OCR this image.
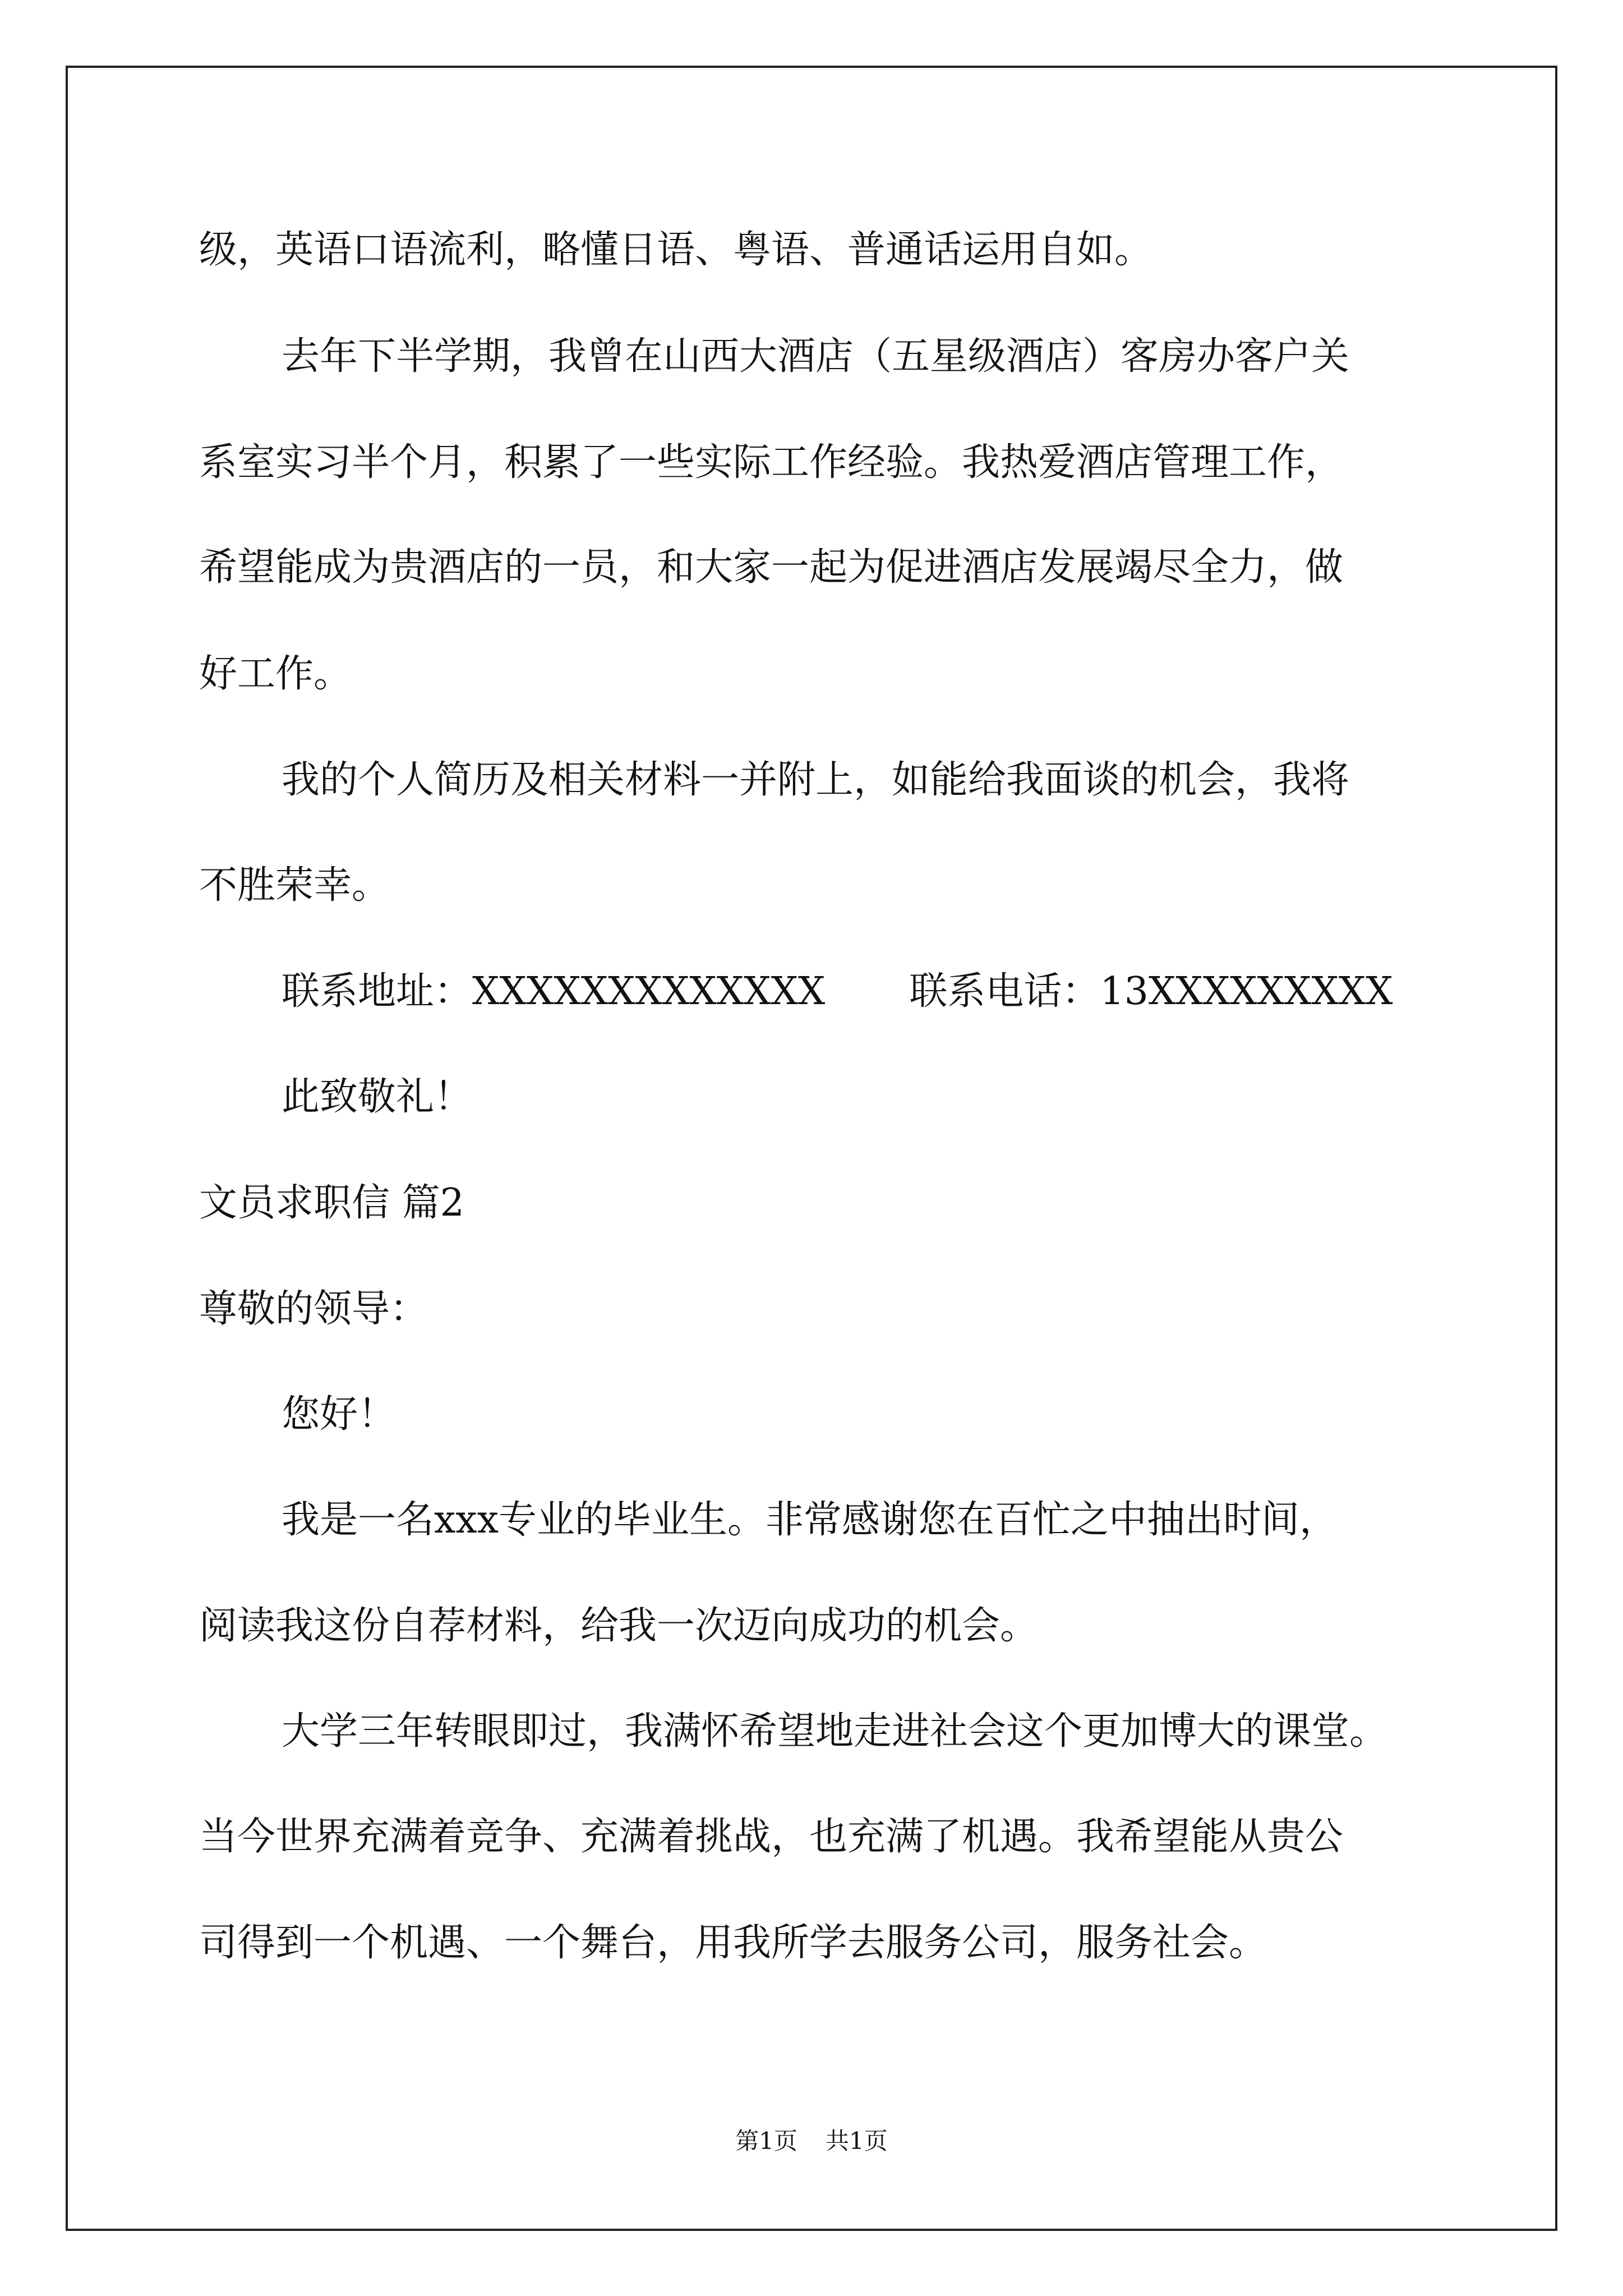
级，英语口语流利，略懂日语、粤语、普通话运用自如。
去年下半学期，我曾在山西大酒店（五星级酒店）客房办客户关
系室实习半个月，积累了一些实际工作经验。我热爱酒店管理工作，
希望能成为贵酒店的一员，和大家一起为促进酒店发展竭尽全力，做
好工作。
我的个人简历及相关材料一并附上，如能给我面谈的机会，我将
不胜荣幸。
联系地址：XXXXXXXXXXXXX 联系电话：13XXXXXXXXX
此致敬礼！
文员求职信 篇2
尊敬的领导：
您好！
我是一名xxx专业的毕业生。非常感谢您在百忙之中抽出时间，
阅读我这份自荐材料，给我一次迈向成功的机会。
大学三年转眼即过，我满怀希望地走进社会这个更加博大的课堂。
当今世界充满着竞争、充满着挑战，也充满了机遇。我希望能从贵公
司得到一个机遇、一个舞台，用我所学去服务公司，服务社会。
第1页 共1页
